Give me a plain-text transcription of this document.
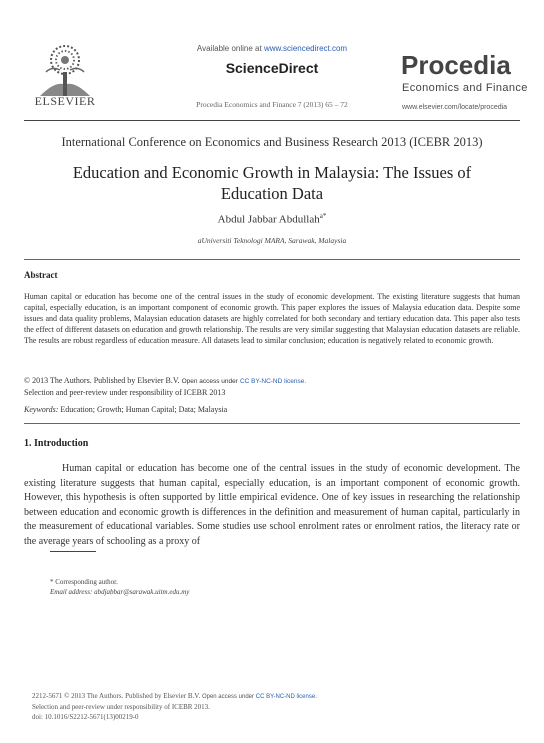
ELSEVIER
Available online at www.sciencedirect.com
ScienceDirect
Procedia Economics and Finance 7 (2013) 65 – 72
Procedia
Economics and Finance
www.elsevier.com/locate/procedia
International Conference on Economics and Business Research 2013 (ICEBR 2013)
Education and Economic Growth in Malaysia: The Issues of Education Data
Abdul Jabbar Abdullah$^{a*}$
aUniversiti Teknologi MARA, Sarawak, Malaysia
Abstract
Human capital or education has become one of the central issues in the study of economic development. The existing literature suggests that human capital, especially education, is an important component of economic growth. This paper explores the issues of Malaysia education data. Despite some issues and data quality problems, Malaysian education datasets are highly correlated for both secondary and tertiary education data. This paper also tests the effect of different datasets on education and growth relationship. The results are very similar suggesting that Malaysian education datasets are reliable. The results are robust regardless of education measure. All datasets lead to similar conclusion; education is negatively related to economic growth.
© 2013 The Authors. Published by Elsevier B.V. Open access under CC BY-NC-ND license.
Selection and peer-review under responsibility of ICEBR 2013
Keywords: Education; Growth; Human Capital; Data; Malaysia
1. Introduction
Human capital or education has become one of the central issues in the study of economic development. The existing literature suggests that human capital, especially education, is an important component of economic growth. However, this hypothesis is often supported by little empirical evidence. One of key issues in researching the relationship between education and economic growth is differences in the definition and measurement of human capital, particularly in the measurement of educational variables. Some studies use school enrolment rates or enrolment ratios, the literacy rate or the average years of schooling as a proxy of
* Corresponding author.
Email address: abdjabbar@sarawak.uitm.edu.my
2212-5671 © 2013 The Authors. Published by Elsevier B.V. Open access under CC BY-NC-ND license.
Selection and peer-review under responsibility of ICEBR 2013.
doi: 10.1016/S2212-5671(13)00219-0
